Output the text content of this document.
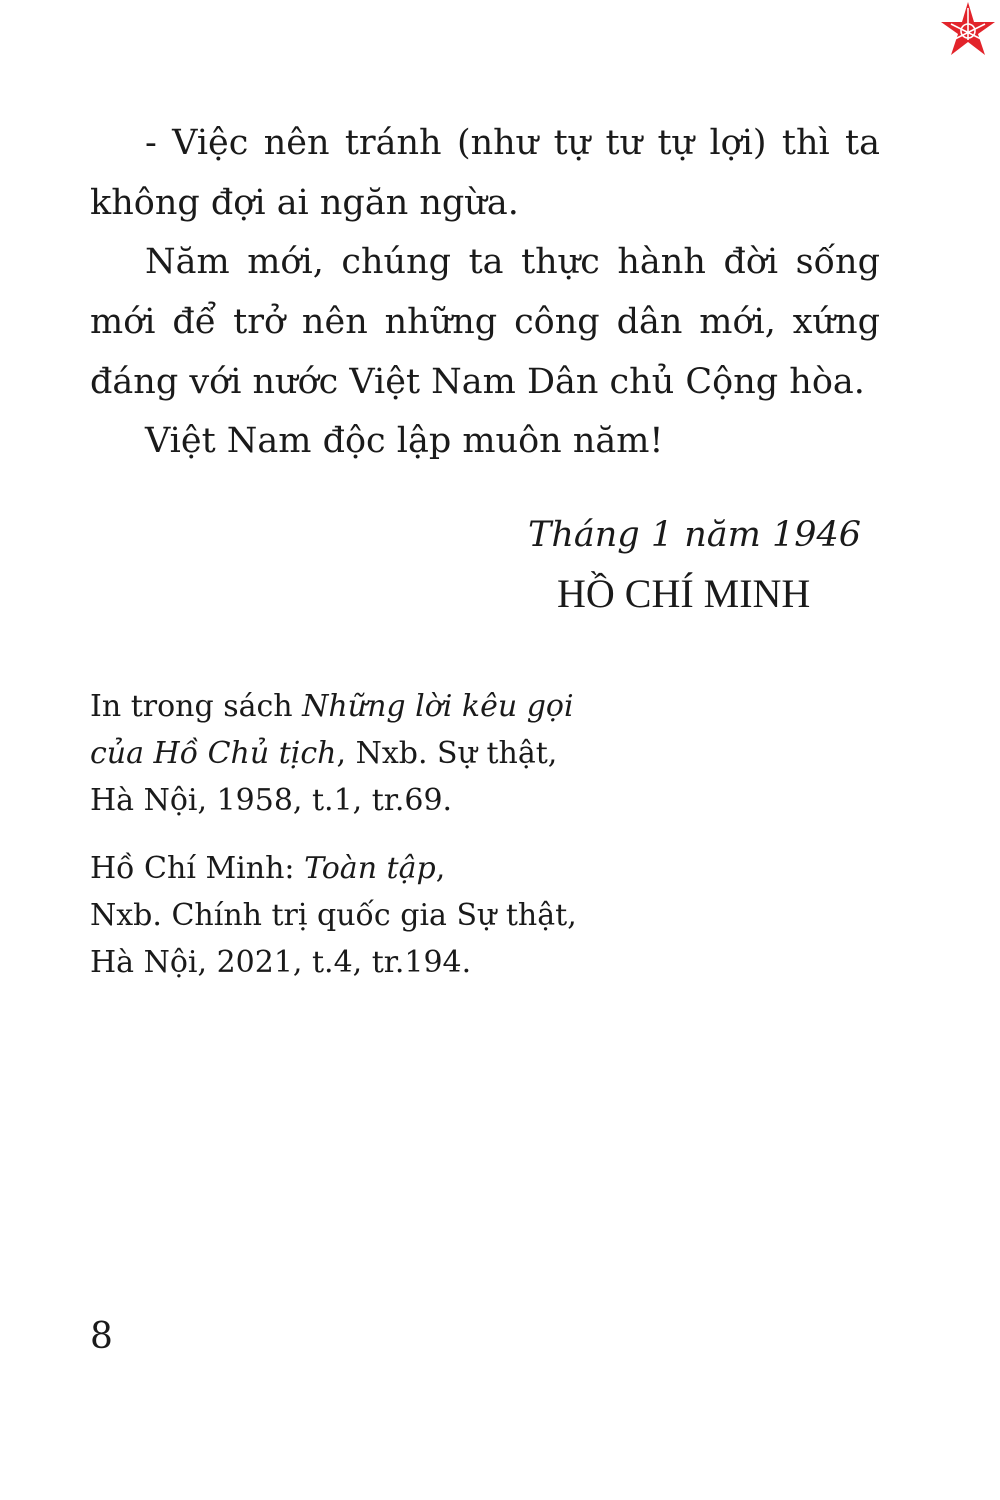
- Việc nên tránh (như tự tư tự lợi) thì ta
không đợi ai ngăn ngừa.
Năm mới, chúng ta thực hành đời sống
mới để trở nên những công dân mới, xứng
đáng với nước Việt Nam Dân chủ Cộng hòa.
Việt Nam độc lập muôn năm!
Tháng 1 năm 1946
HỒ CHÍ MINH
In trong sách Những lời kêu gọi
của Hồ Chủ tịch, Nxb. Sự thật,
Hà Nội, 1958, t.1, tr.69.
Hồ Chí Minh: Toàn tập,
Nxb. Chính trị quốc gia Sự thật,
Hà Nội, 2021, t.4, tr.194.
8
